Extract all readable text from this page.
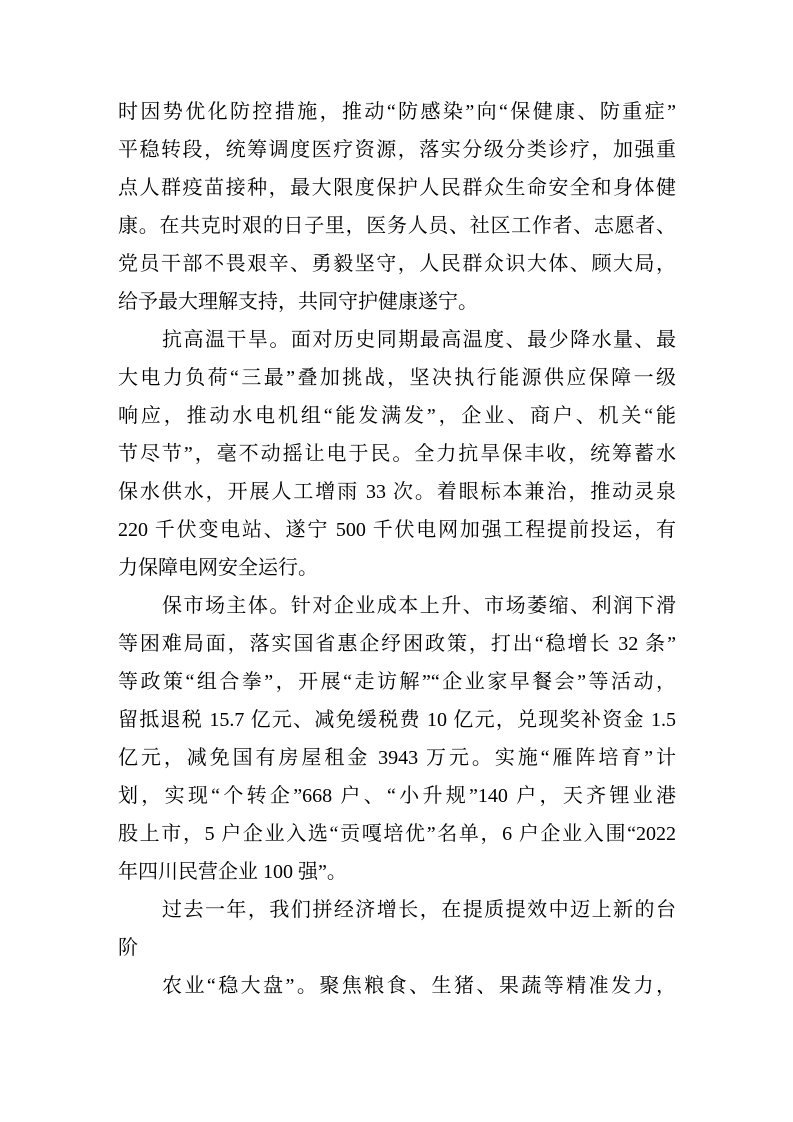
时因势优化防控措施，推动“防感染”向“保健康、防重症”
平稳转段，统筹调度医疗资源，落实分级分类诊疗，加强重
点人群疫苗接种，最大限度保护人民群众生命安全和身体健
康。在共克时艰的日子里，医务人员、社区工作者、志愿者、
党员干部不畏艰辛、勇毅坚守，人民群众识大体、顾大局，
给予最大理解支持，共同守护健康遂宁。
抗高温干旱。面对历史同期最高温度、最少降水量、最
大电力负荷“三最”叠加挑战，坚决执行能源供应保障一级
响应，推动水电机组“能发满发”，企业、商户、机关“能
节尽节”，毫不动摇让电于民。全力抗旱保丰收，统筹蓄水
保水供水，开展人工增雨 33 次。着眼标本兼治，推动灵泉
220 千伏变电站、遂宁 500 千伏电网加强工程提前投运，有
力保障电网安全运行。
保市场主体。针对企业成本上升、市场萎缩、利润下滑
等困难局面，落实国省惠企纾困政策，打出“稳增长 32 条”
等政策“组合拳”，开展“走访解”“企业家早餐会”等活动，
留抵退税 15.7 亿元、减免缓税费 10 亿元，兑现奖补资金 1.5
亿元，减免国有房屋租金 3943 万元。实施“雁阵培育”计
划，实现“个转企”668 户、“小升规”140 户，天齐锂业港
股上市，5 户企业入选“贡嘎培优”名单，6 户企业入围“2022
年四川民营企业 100 强”。
过去一年，我们拼经济增长，在提质提效中迈上新的台
阶
农业“稳大盘”。聚焦粮食、生猪、果蔬等精准发力，
